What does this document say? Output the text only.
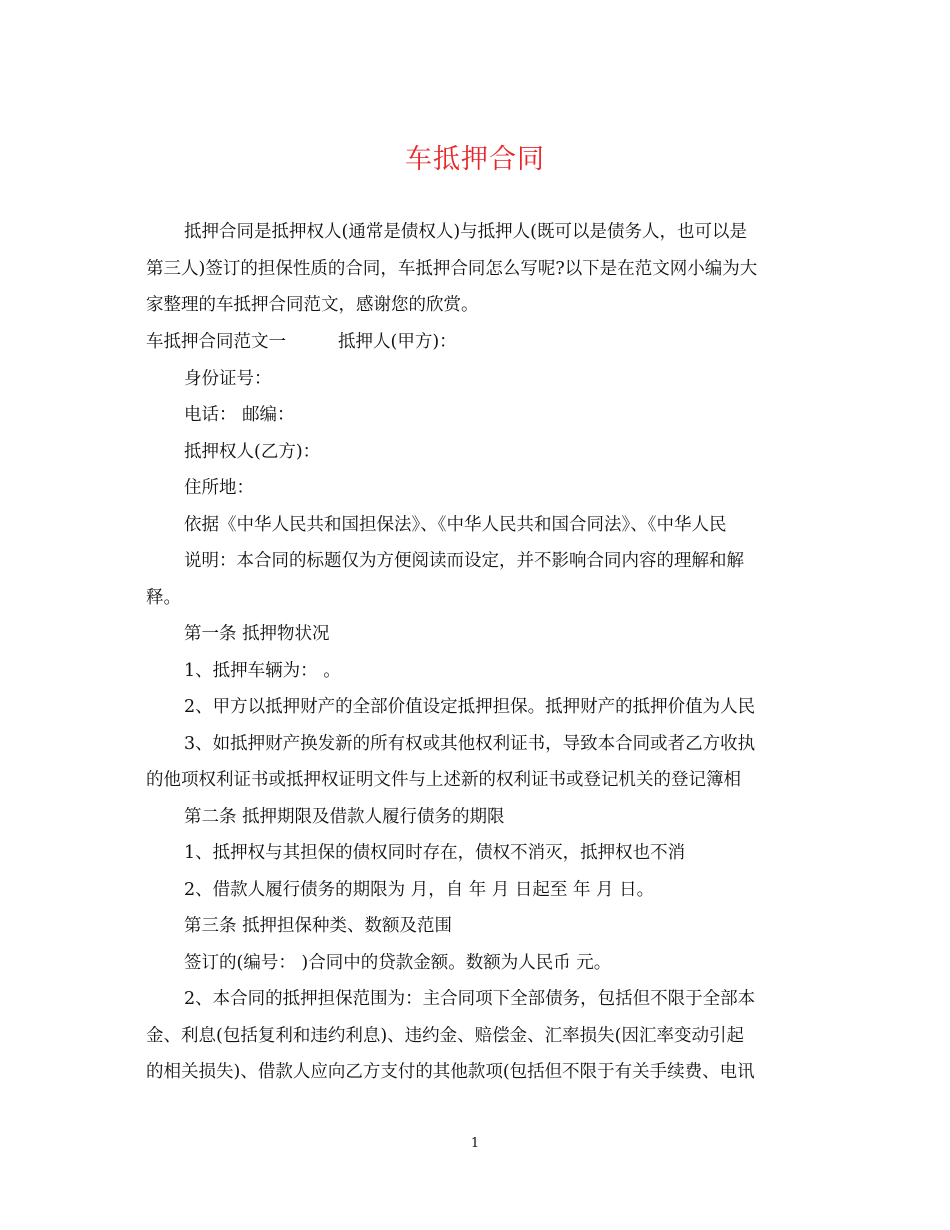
车抵押合同
抵押合同是抵押权人(通常是债权人)与抵押人(既可以是债务人，也可以是
第三人)签订的担保性质的合同，车抵押合同怎么写呢?以下是在范文网小编为大
家整理的车抵押合同范文，感谢您的欣赏。
车抵押合同范文一	抵押人(甲方)：
身份证号：
电话： 邮编：
抵押权人(乙方)：
住所地：
依据《中华人民共和国担保法》、《中华人民共和国合同法》、《中华人民
说明：本合同的标题仅为方便阅读而设定，并不影响合同内容的理解和解
释。
第一条 抵押物状况
1、抵押车辆为： 。
2、甲方以抵押财产的全部价值设定抵押担保。抵押财产的抵押价值为人民
3、如抵押财产换发新的所有权或其他权利证书，导致本合同或者乙方收执
的他项权利证书或抵押权证明文件与上述新的权利证书或登记机关的登记簿相
第二条 抵押期限及借款人履行债务的期限
1、抵押权与其担保的债权同时存在，债权不消灭，抵押权也不消
2、借款人履行债务的期限为 月，自 年 月 日起至 年 月 日。
第三条 抵押担保种类、数额及范围
签订的(编号： )合同中的贷款金额。数额为人民币 元。
2、本合同的抵押担保范围为：主合同项下全部债务，包括但不限于全部本
金、利息(包括复利和违约利息)、违约金、赔偿金、汇率损失(因汇率变动引起
的相关损失)、借款人应向乙方支付的其他款项(包括但不限于有关手续费、电讯
1
